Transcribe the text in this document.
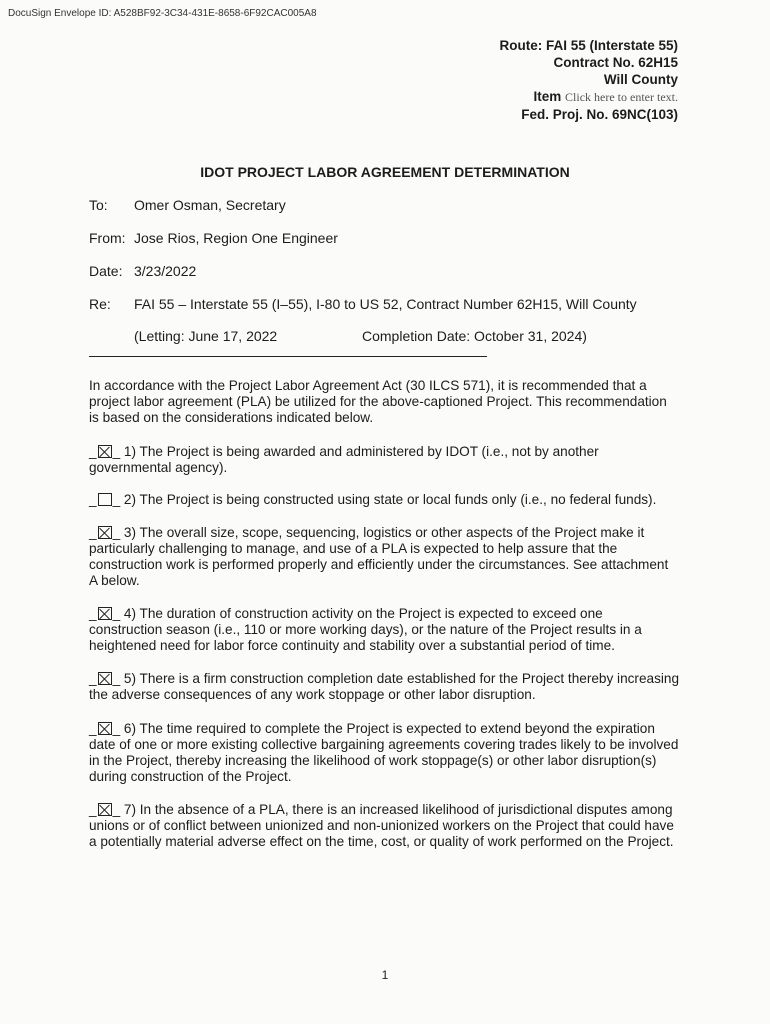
DocuSign Envelope ID: A528BF92-3C34-431E-8658-6F92CAC005A8
Route: FAI 55 (Interstate 55)
Contract No. 62H15
Will County
Item Click here to enter text.
Fed. Proj. No. 69NC(103)
IDOT PROJECT LABOR AGREEMENT DETERMINATION
To: Omer Osman, Secretary
From: Jose Rios, Region One Engineer
Date: 3/23/2022
Re: FAI 55 – Interstate 55 (I–55), I-80 to US 52, Contract Number 62H15, Will County
(Letting: June 17, 2022	Completion Date: October 31, 2024)
In accordance with the Project Labor Agreement Act (30 ILCS 571), it is recommended that a project labor agreement (PLA) be utilized for the above-captioned Project. This recommendation is based on the considerations indicated below.
_ _ 1) The Project is being awarded and administered by IDOT (i.e., not by another governmental agency).
_ _ 2) The Project is being constructed using state or local funds only (i.e., no federal funds).
_ _ 3) The overall size, scope, sequencing, logistics or other aspects of the Project make it particularly challenging to manage, and use of a PLA is expected to help assure that the construction work is performed properly and efficiently under the circumstances. See attachment A below.
_ _ 4) The duration of construction activity on the Project is expected to exceed one construction season (i.e., 110 or more working days), or the nature of the Project results in a heightened need for labor force continuity and stability over a substantial period of time.
_ _ 5) There is a firm construction completion date established for the Project thereby increasing the adverse consequences of any work stoppage or other labor disruption.
_ _ 6) The time required to complete the Project is expected to extend beyond the expiration date of one or more existing collective bargaining agreements covering trades likely to be involved in the Project, thereby increasing the likelihood of work stoppage(s) or other labor disruption(s) during construction of the Project.
_ _ 7) In the absence of a PLA, there is an increased likelihood of jurisdictional disputes among unions or of conflict between unionized and non-unionized workers on the Project that could have a potentially material adverse effect on the time, cost, or quality of work performed on the Project.
1
